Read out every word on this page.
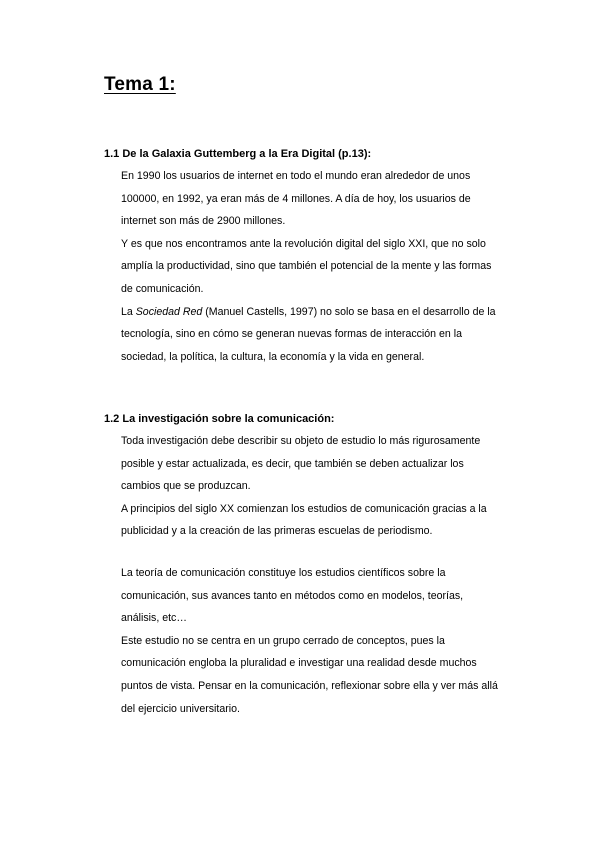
Tema 1:
1.1 De la Galaxia Guttemberg a la Era Digital (p.13):

En 1990 los usuarios de internet en todo el mundo eran alrededor de unos
100000, en 1992, ya eran más de 4 millones. A día de hoy, los usuarios de
internet son más de 2900 millones.

Y es que nos encontramos ante la revolución digital del siglo XXI, que no solo
amplía la productividad, sino que también el potencial de la mente y las formas
de comunicación.

La Sociedad Red (Manuel Castells, 1997) no solo se basa en el desarrollo de la
tecnología, sino en cómo se generan nuevas formas de interacción en la
sociedad, la política, la cultura, la economía y la vida en general.

1.2 La investigación sobre la comunicación:

Toda investigación debe describir su objeto de estudio lo más rigurosamente
posible y estar actualizada, es decir, que también se deben actualizar los
cambios que se produzcan.

A principios del siglo XX comienzan los estudios de comunicación gracias a la
publicidad y a la creación de las primeras escuelas de periodismo.

La teoría de comunicación constituye los estudios científicos sobre la
comunicación, sus avances tanto en métodos como en modelos, teorías,
análisis, etc…

Este estudio no se centra en un grupo cerrado de conceptos, pues la
comunicación engloba la pluralidad e investigar una realidad desde muchos
puntos de vista. Pensar en la comunicación, reflexionar sobre ella y ver más allá
del ejercicio universitario.
